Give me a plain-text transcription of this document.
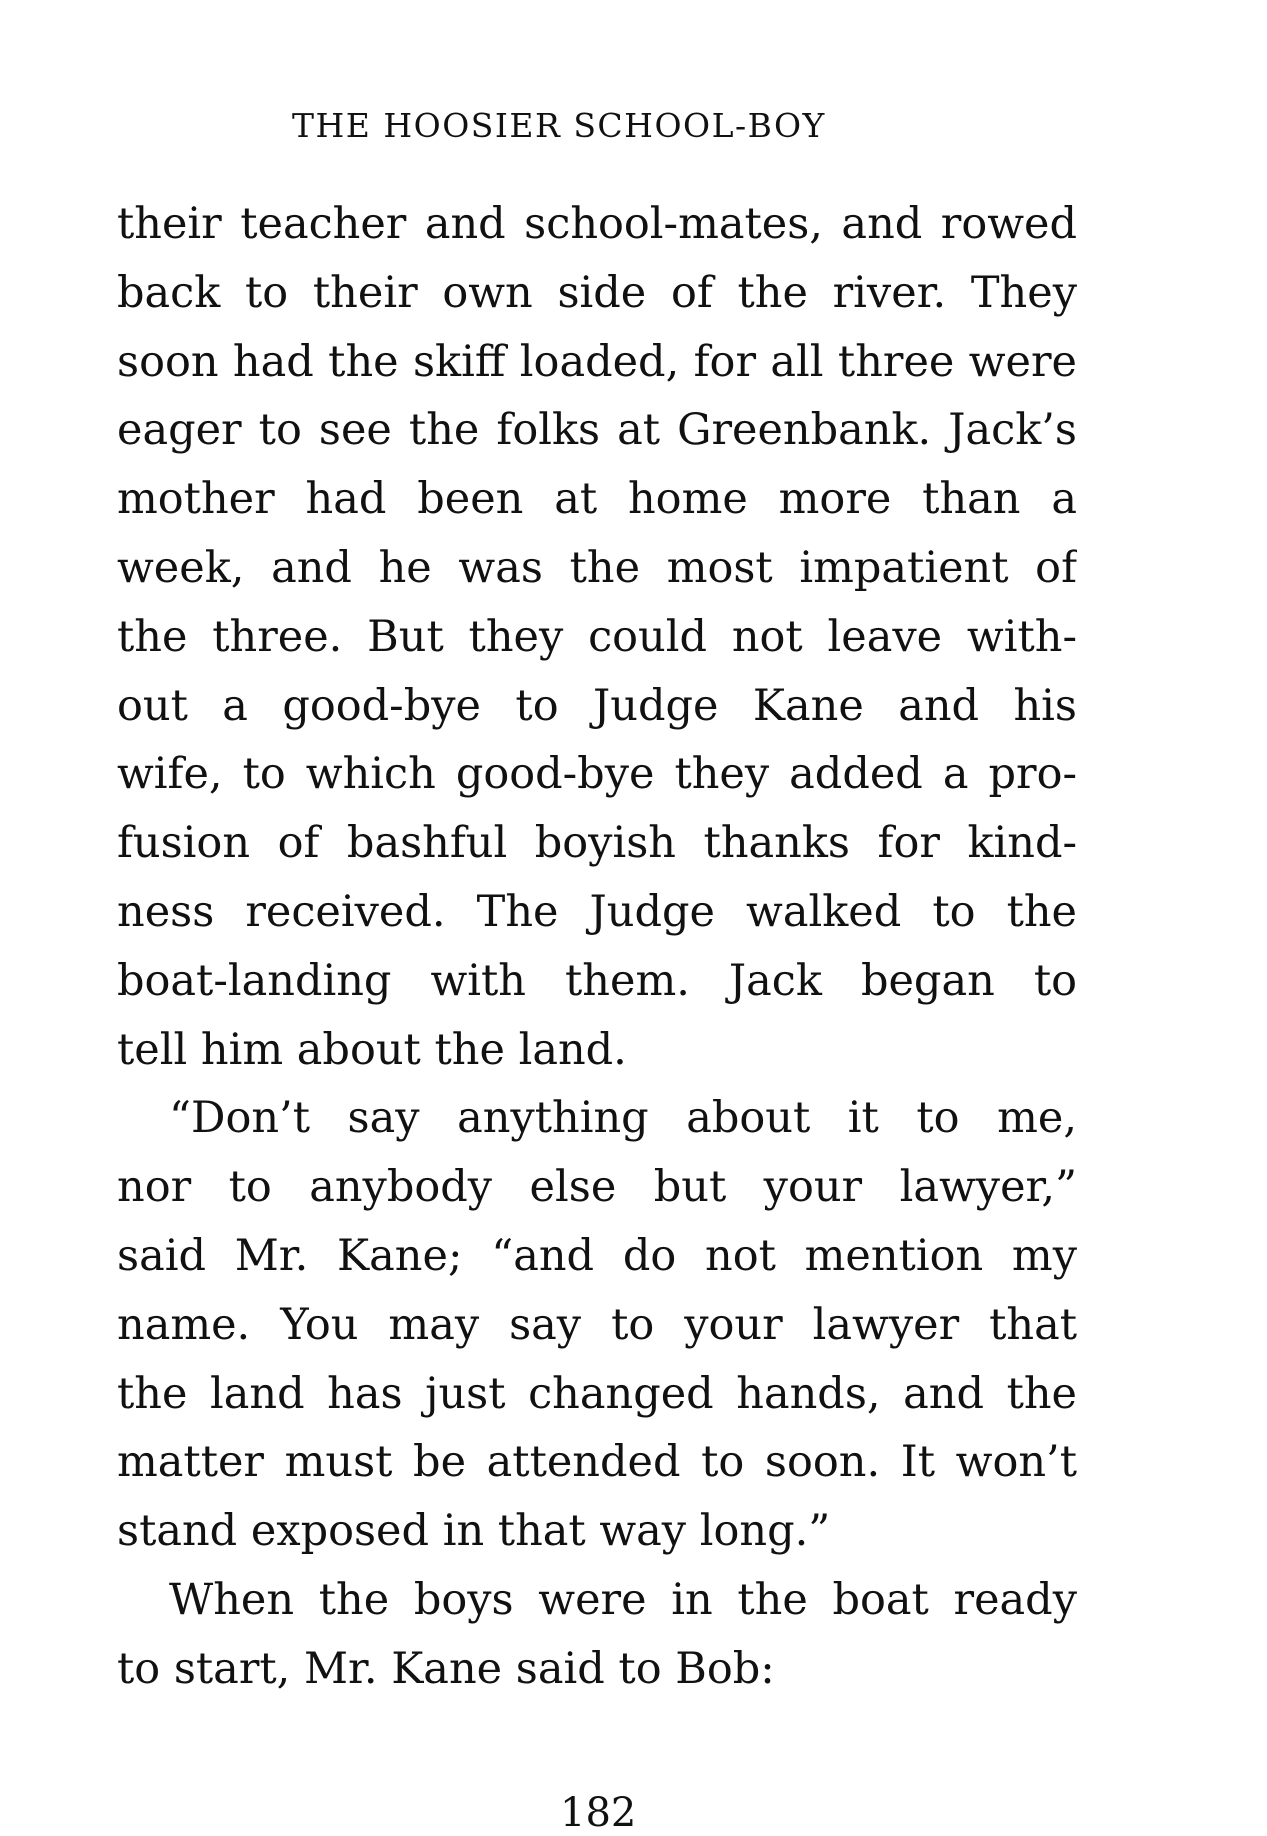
THE HOOSIER SCHOOL-BOY
their teacher and school-mates, and rowed
back to their own side of the river. They
soon had the skiff loaded, for all three were
eager to see the folks at Greenbank. Jack’s
mother had been at home more than a
week, and he was the most impatient of
the three. But they could not leave with-
out a good-bye to Judge Kane and his
wife, to which good-bye they added a pro-
fusion of bashful boyish thanks for kind-
ness received. The Judge walked to the
boat-landing with them. Jack began to
tell him about the land.
“Don’t say anything about it to me,
nor to anybody else but your lawyer,”
said Mr. Kane; “and do not mention my
name. You may say to your lawyer that
the land has just changed hands, and the
matter must be attended to soon. It won’t
stand exposed in that way long.”
When the boys were in the boat ready
to start, Mr. Kane said to Bob:
182
